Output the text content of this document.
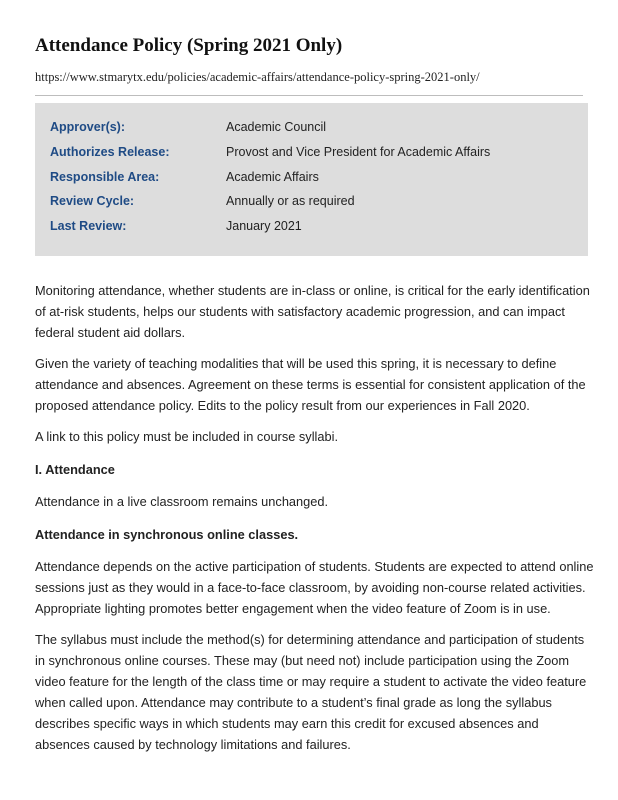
Attendance Policy (Spring 2021 Only)
https://www.stmarytx.edu/policies/academic-affairs/attendance-policy-spring-2021-only/
Approver(s):	Academic Council
Authorizes Release:	Provost and Vice President for Academic Affairs
Responsible Area:	Academic Affairs
Review Cycle:	Annually or as required
Last Review:	January 2021
Monitoring attendance, whether students are in-class or online, is critical for the early identification of at-risk students, helps our students with satisfactory academic progression, and can impact federal student aid dollars.
Given the variety of teaching modalities that will be used this spring, it is necessary to define attendance and absences. Agreement on these terms is essential for consistent application of the proposed attendance policy. Edits to the policy result from our experiences in Fall 2020.
A link to this policy must be included in course syllabi.
I. Attendance
Attendance in a live classroom remains unchanged.
Attendance in synchronous online classes.
Attendance depends on the active participation of students. Students are expected to attend online sessions just as they would in a face-to-face classroom, by avoiding non-course related activities. Appropriate lighting promotes better engagement when the video feature of Zoom is in use.
The syllabus must include the method(s) for determining attendance and participation of students in synchronous online courses. These may (but need not) include participation using the Zoom video feature for the length of the class time or may require a student to activate the video feature when called upon. Attendance may contribute to a student’s final grade as long the syllabus describes specific ways in which students may earn this credit for excused absences and absences caused by technology limitations and failures.
